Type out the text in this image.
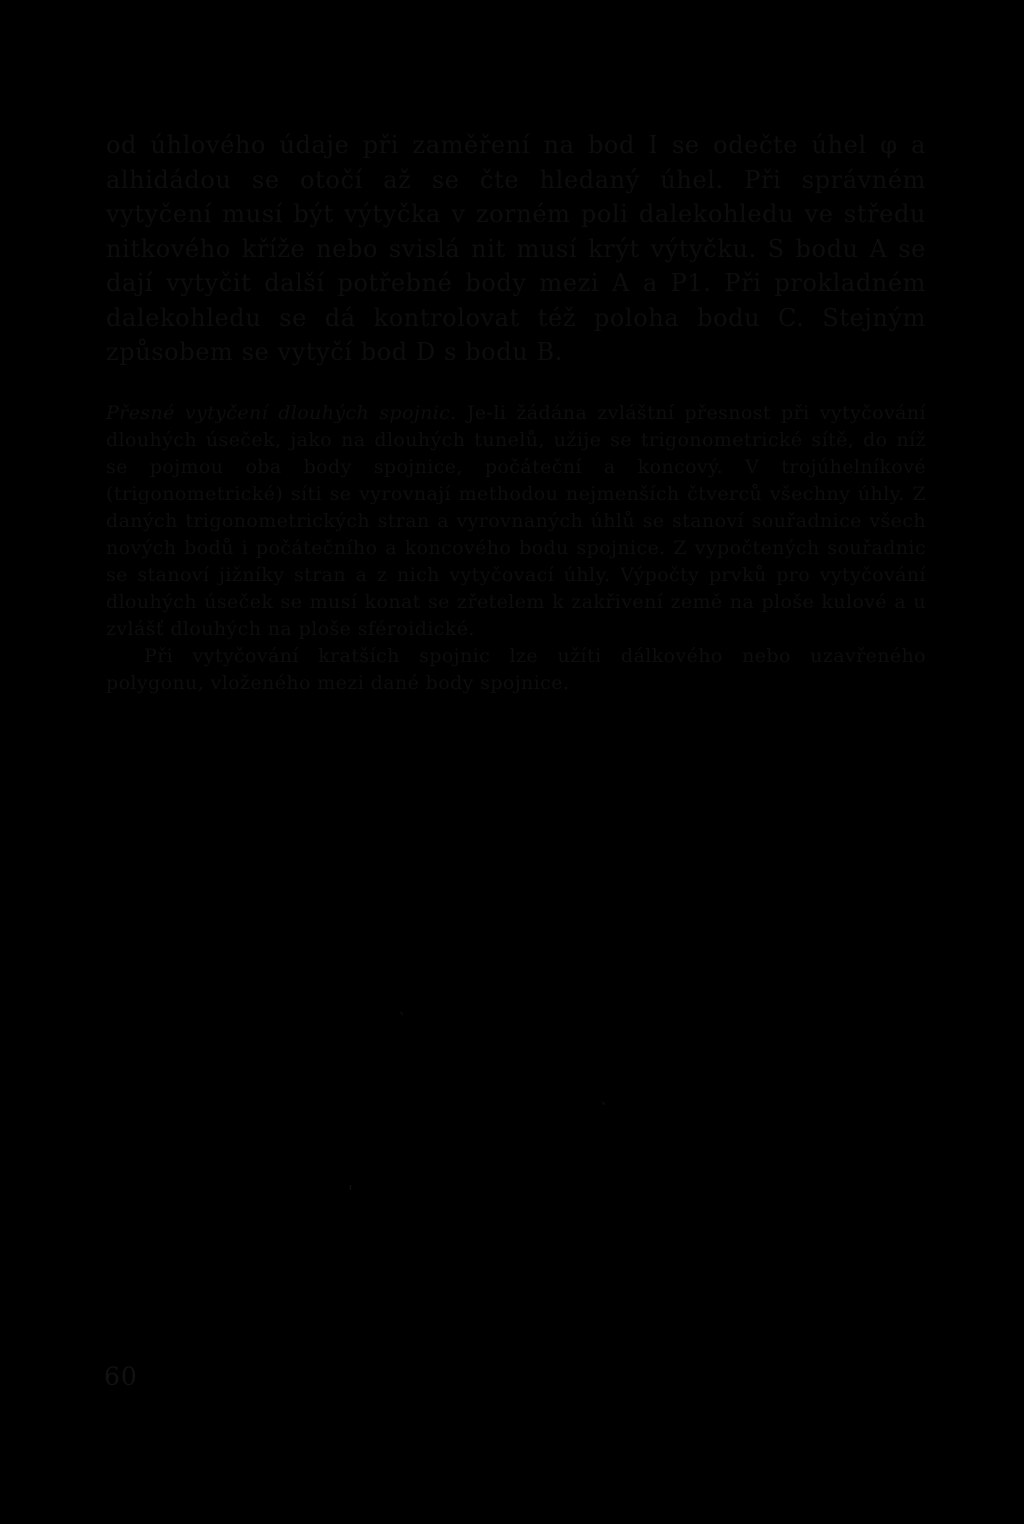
od úhlového údaje při zaměření na bod I se odečte úhel φ a alhidádou se otočí až se čte hledaný úhel. Při správném vytyčení musí být výtyčka v zorném poli dalekohledu ve středu nitkového kříže nebo svislá nit musí krýt výtyčku. S bodu A se dají vytyčit další potřebné body mezi A a P1. Při prokladném dalekohledu se dá kontrolovat též poloha bodu C. Stejným způsobem se vytyčí bod D s bodu B.

Přesné vytyčení dlouhých spojnic. Je-li žádána zvláštní přesnost při vytyčování dlouhých úseček, jako na dlouhých tunelů, užije se trigonometrické sítě, do níž se pojmou oba body spojnice, počáteční a koncový. V trojúhelníkové (trigonometrické) síti se vyrovnají methodou nejmenších čtverců všechny úhly. Z daných trigonometrických stran a vyrovnaných úhlů se stanoví souřadnice všech nových bodů i počátečního a koncového bodu spojnice. Z vypočtených souřadnic se stanoví jižníky stran a z nich vytyčovací úhly. Výpočty prvků pro vytyčování dlouhých úseček se musí konat se zřetelem k zakřivení země na ploše kulové a u zvlášť dlouhých na ploše sféroidické.

Při vytyčování kratších spojnic lze užíti dálkového nebo uzavřeného polygonu, vloženého mezi dané body spojnice.

`
`
'
60
